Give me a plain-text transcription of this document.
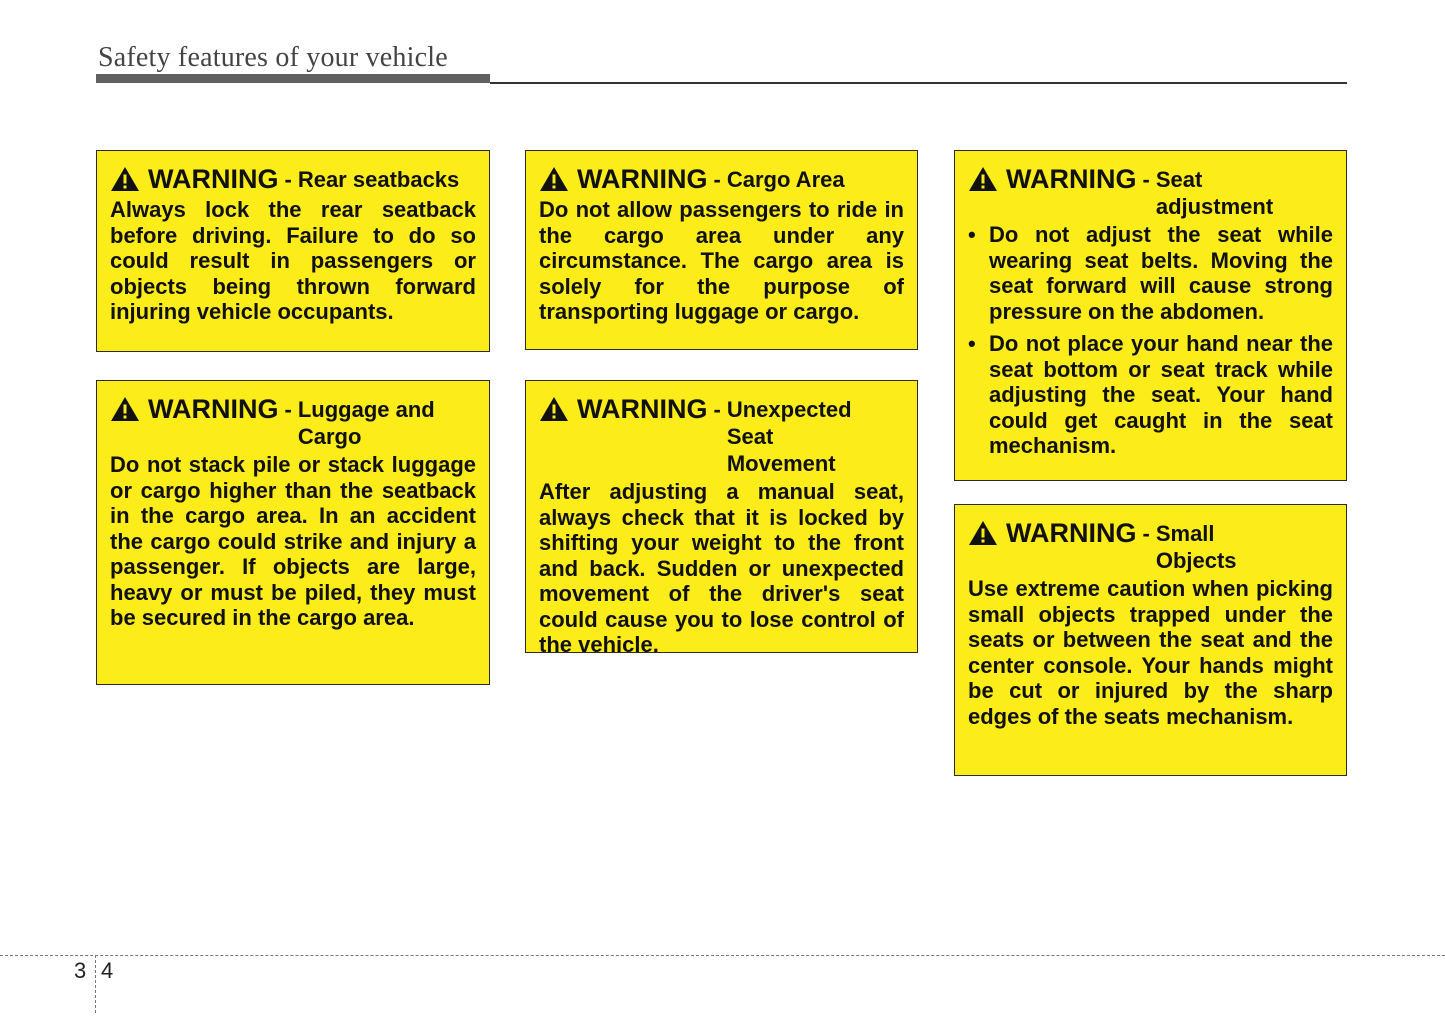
Safety features of your vehicle
WARNING - Rear seatbacks

Always lock the rear seatback before driving. Failure to do so could result in passengers or objects being thrown forward injuring vehicle occupants.

WARNING - Luggage and Cargo

Do not stack pile or stack luggage or cargo higher than the seatback in the cargo area. In an accident the cargo could strike and injury a passenger. If objects are large, heavy or must be piled, they must be secured in the cargo area.

WARNING - Cargo Area

Do not allow passengers to ride in the cargo area under any circumstance. The cargo area is solely for the purpose of transporting luggage or cargo.

WARNING - Unexpected Seat Movement

After adjusting a manual seat, always check that it is locked by shifting your weight to the front and back. Sudden or unexpected movement of the driver's seat could cause you to lose control of the vehicle.

WARNING - Seat adjustment
• Do not adjust the seat while wearing seat belts. Moving the seat forward will cause strong pressure on the abdomen.
• Do not place your hand near the seat bottom or seat track while adjusting the seat. Your hand could get caught in the seat mechanism.
WARNING - Small Objects

Use extreme caution when picking small objects trapped under the seats or between the seat and the center console. Your hands might be cut or injured by the sharp edges of the seats mechanism.

3 4
